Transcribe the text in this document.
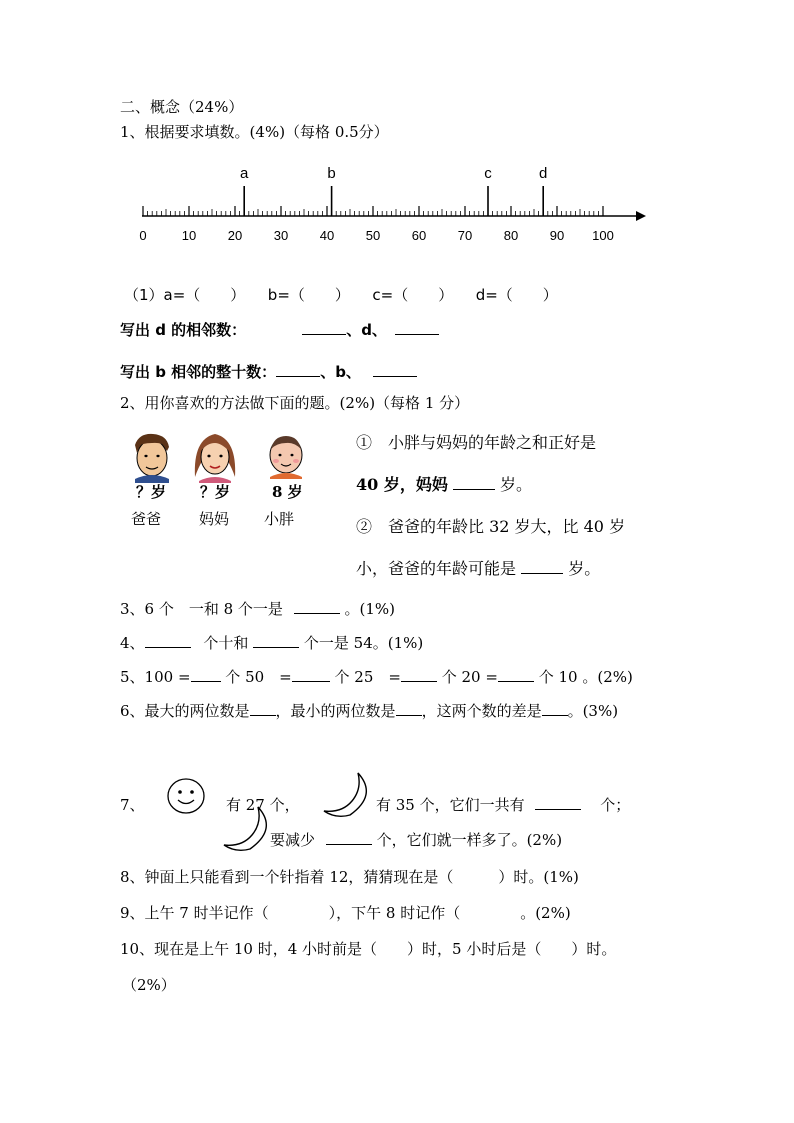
二、概念（24%）
1、根据要求填数。(4%)（每格 0.5分）
0	10 20 30 40 50 60 70 80 90 100
a	b	c	d
（1）a=（　　）　　b=（　　）　　c=（　　）　　d=（　　）
写出 d 的相邻数：	、d、
写出 b 相邻的整十数：	、b、
2、用你喜欢的方法做下面的题。(2%)（每格 1 分）
？岁 ？岁	8 岁
爸爸	妈妈 小胖
①　小胖与妈妈的年龄之和正好是
40 岁，妈妈	岁。
②　爸爸的年龄比 32 岁大，比 40 岁
小，爸爸的年龄可能是	岁。
3、6 个　一和 8 个一是	。(1%)
4、	个十和	个一是 54。(1%)
5、100 = 个 50　=	个 25　=	个 20 =	个 10 。(2%)
6、最大的两位数是 ，最小的两位数是 ，这两个数的差是 。(3%)
7、	有 27 个，	有 35 个，它们一共有	个；
要减少	个，它们就一样多了。(2%)
8、钟面上只能看到一个针指着 12，猜猜现在是（　　　）时。(1%)
9、上午 7 时半记作（　　　　），下午 8 时记作（　　　　。(2%)
10、现在是上午 10 时，4 小时前是（　　）时，5 小时后是（　　）时。
（2%）
